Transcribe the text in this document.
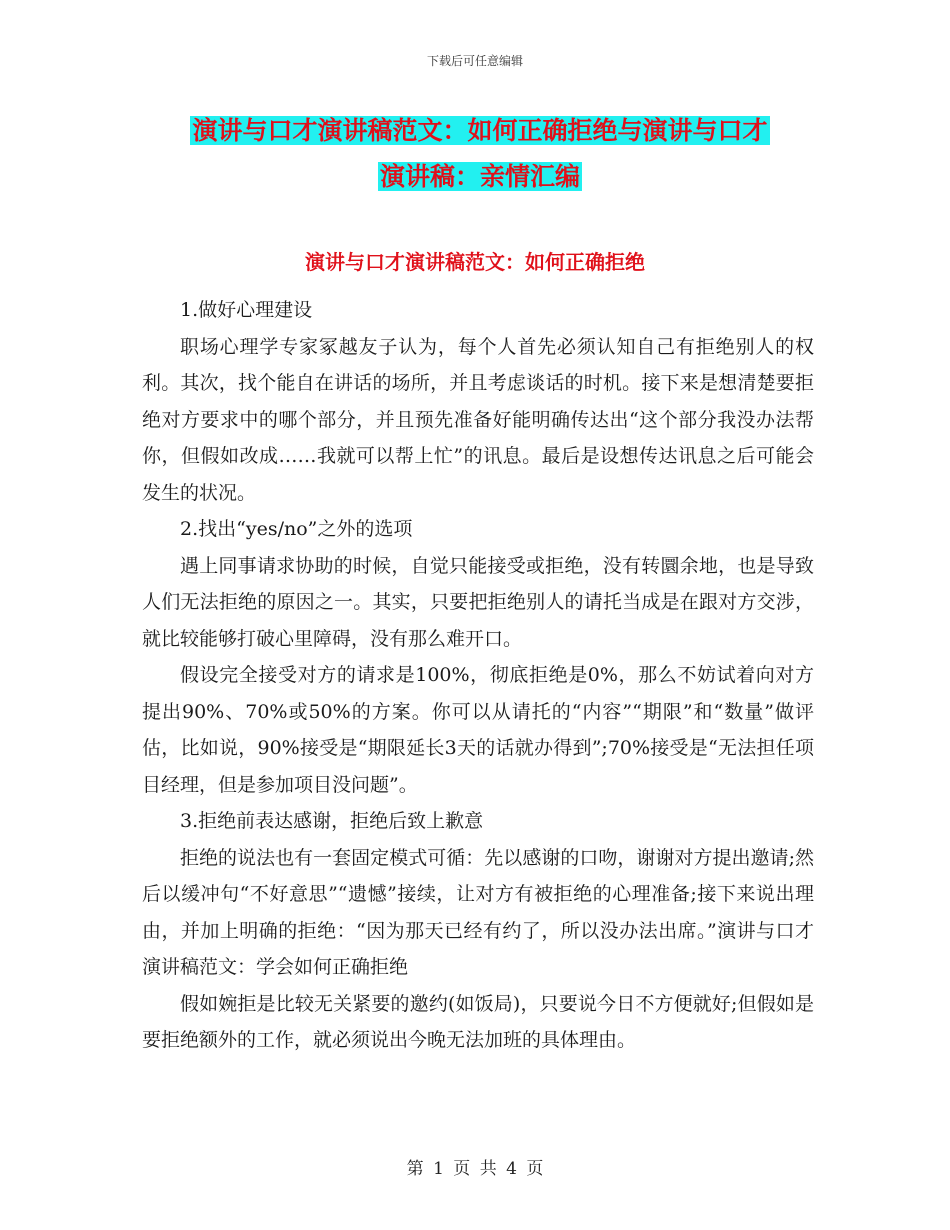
下载后可任意编辑
演讲与口才演讲稿范文：如何正确拒绝与演讲与口才
演讲稿：亲情汇编
演讲与口才演讲稿范文：如何正确拒绝

1.做好心理建设

职场心理学专家冢越友子认为，每个人首先必须认知自己有拒绝别人的权利。其次，找个能自在讲话的场所，并且考虑谈话的时机。接下来是想清楚要拒绝对方要求中的哪个部分，并且预先准备好能明确传达出“这个部分我没办法帮你，但假如改成……我就可以帮上忙”的讯息。最后是设想传达讯息之后可能会发生的状况。

2.找出“yes/no”之外的选项

遇上同事请求协助的时候，自觉只能接受或拒绝，没有转圜余地，也是导致人们无法拒绝的原因之一。其实，只要把拒绝别人的请托当成是在跟对方交涉，就比较能够打破心里障碍，没有那么难开口。

假设完全接受对方的请求是100%，彻底拒绝是0%，那么不妨试着向对方提出90%、70%或50%的方案。你可以从请托的“内容”“期限”和“数量”做评估，比如说，90%接受是“期限延长3天的话就办得到”;70%接受是“无法担任项目经理，但是参加项目没问题”。

3.拒绝前表达感谢，拒绝后致上歉意

拒绝的说法也有一套固定模式可循：先以感谢的口吻，谢谢对方提出邀请;然后以缓冲句“不好意思”“遗憾”接续，让对方有被拒绝的心理准备;接下来说出理由，并加上明确的拒绝：“因为那天已经有约了，所以没办法出席。”演讲与口才演讲稿范文：学会如何正确拒绝

假如婉拒是比较无关紧要的邀约(如饭局)，只要说今日不方便就好;但假如是要拒绝额外的工作，就必须说出今晚无法加班的具体理由。

第 1 页 共 4 页
